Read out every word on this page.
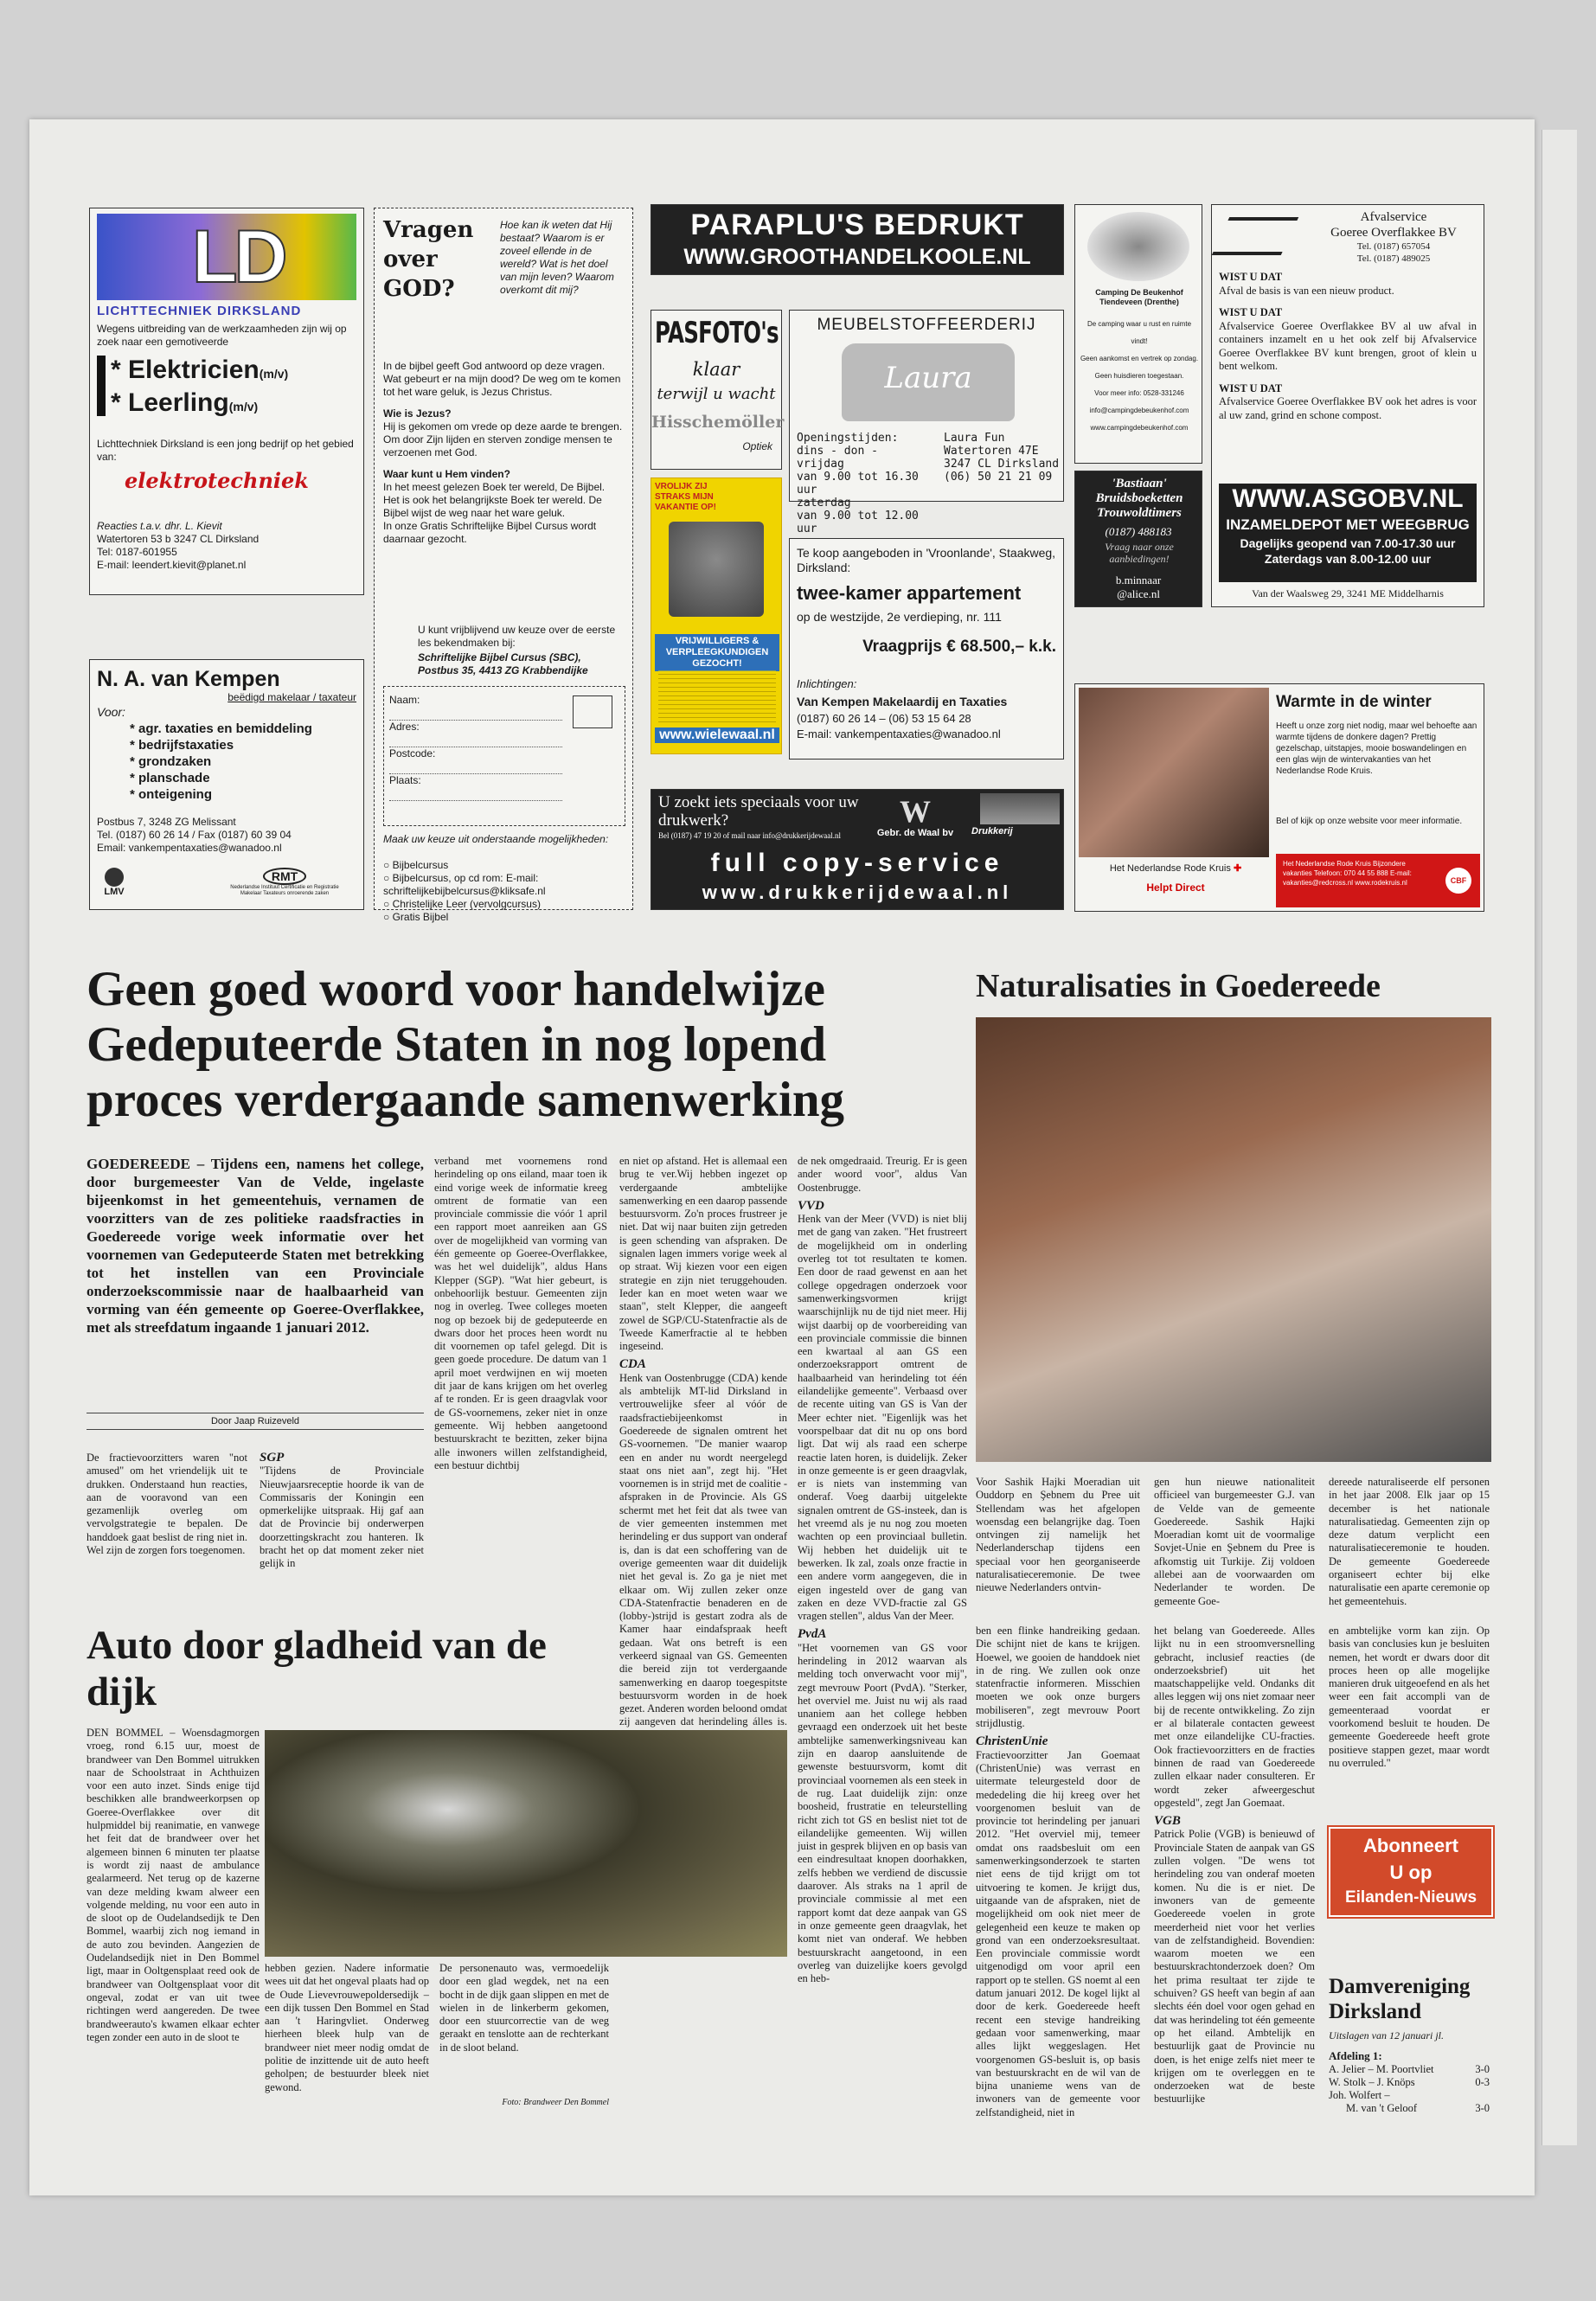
LD
LICHTTECHNIEK DIRKSLAND
Wegens uitbreiding van de werkzaamheden zijn wij op zoek naar een gemotiveerde
* Elektricien(m/v)
* Leerling(m/v)
Lichttechniek Dirksland is een jong bedrijf op het gebied van:
elektrotechniek
Reacties t.a.v. dhr. L. Kievit
Watertoren 53 b 3247 CL Dirksland
Tel: 0187-601955
E-mail: leendert.kievit@planet.nl
N. A. van Kempen
beëdigd makelaar / taxateur
Voor:
* agr. taxaties en bemiddeling
* bedrijfstaxaties
* grondzaken
* planschade
* onteigening
Postbus 7, 3248 ZG Melissant
Tel. (0187) 60 26 14 / Fax (0187) 60 39 04
Email: vankempentaxaties@wanadoo.nl
LMV
RMT
Nederlandse Instituut Certificatie en Registratie Makelaar Taxateurs onroerende zaken
Vragen over GOD?
Hoe kan ik weten dat Hij bestaat? Waarom is er zoveel ellende in de wereld? Wat is het doel van mijn leven? Waarom overkomt dit mij?

In de bijbel geeft God antwoord op deze vragen. Wat gebeurt er na mijn dood? De weg om te komen tot het ware geluk, is Jezus Christus.

Wie is Jezus?

Hij is gekomen om vrede op deze aarde te brengen. Om door Zijn lijden en sterven zondige mensen te verzoenen met God.

Waar kunt u Hem vinden?

In het meest gelezen Boek ter wereld, De Bijbel. Het is ook het belangrijkste Boek ter wereld. De Bijbel wijst de weg naar het ware geluk.

In onze Gratis Schriftelijke Bijbel Cursus wordt daarnaar gezocht.

U kunt vrijblijvend uw keuze over de eerste les bekendmaken bij:
Schriftelijke Bijbel Cursus (SBC), Postbus 35, 4413 ZG Krabbendijke
Naam:
Adres:
Postcode:
Plaats:
Maak uw keuze uit onderstaande mogelijkheden:
○ Bijbelcursus
○ Bijbelcursus, op cd rom: E-mail: schriftelijkebijbelcursus@kliksafe.nl
○ Christelijke Leer (vervolgcursus)
○ Gratis Bijbel
PARAPLU'S BEDRUKT
WWW.GROOTHANDELKOOLE.NL
PASFOTO's
klaar
terwijl u wacht
Hisschemöller
Optiek
VROLIJK ZIJ STRAKS MIJN VAKANTIE OP!
VRIJWILLIGERS & VERPLEEGKUNDIGEN GEZOCHT!
www.wielewaal.nl
MEUBELSTOFFEERDERIJ
Laura
Openingstijden:
dins - don - vrijdag
van 9.00 tot 16.30 uur
zaterdag
van 9.00 tot 12.00 uur
Laura Fun
Watertoren 47E
3247 CL Dirksland
(06) 50 21 21 09
Camping De Beukenhof Tiendeveen (Drenthe)
De camping waar u rust en ruimte vindt!
Geen aankomst en vertrek op zondag.
Geen huisdieren toegestaan.
Voor meer info: 0528-331246
info@campingdebeukenhof.com
www.campingdebeukenhof.com
'Bastiaan' Bruidsboeketten Trouwoldtimers
(0187) 488183
Vraag naar onze aanbiedingen!
b.minnaar
@alice.nl
Afvalservice
Goeree Overflakkee BV
Tel. (0187) 657054
Tel. (0187) 489025
WIST U DAT
Afval de basis is van een nieuw product.
WIST U DAT
Afvalservice Goeree Overflakkee BV al uw afval in containers inzamelt en u het ook zelf bij Afvalservice Goeree Overflakkee BV kunt brengen, groot of klein u bent welkom.
WIST U DAT
Afvalservice Goeree Overflakkee BV ook het adres is voor al uw zand, grind en schone compost.
WWW.ASGOBV.NL
INZAMELDEPOT MET WEEGBRUG
Dagelijks geopend van 7.00-17.30 uur
Zaterdags van 8.00-12.00 uur
Van der Waalsweg 29, 3241 ME Middelharnis
Te koop aangeboden in 'Vroonlande', Staakweg, Dirksland:
twee-kamer appartement
op de westzijde, 2e verdieping, nr. 111
Vraagprijs € 68.500,– k.k.
Inlichtingen:
Van Kempen Makelaardij en Taxaties
(0187) 60 26 14 – (06) 53 15 64 28
E-mail: vankempentaxaties@wanadoo.nl
U zoekt iets speciaals voor uw drukwerk?
Bel (0187) 47 19 20 of mail naar info@drukkerijdewaal.nl
W
Gebr. de Waal bv	Drukkerij
full copy-service
www.drukkerijdewaal.nl
Warmte in de winter
Heeft u onze zorg niet nodig, maar wel behoefte aan warmte tijdens de donkere dagen? Prettig gezelschap, uitstapjes, mooie boswandelingen en een glas wijn de wintervakanties van het Nederlandse Rode Kruis.
Bel of kijk op onze website voor meer informatie.
Het Nederlandse Rode Kruis ✚
Helpt Direct
Het Nederlandse Rode Kruis Bijzondere vakanties Telefoon: 070 44 55 888 E-mail: vakanties@redcross.nl www.rodekruis.nl	CBF
Geen goed woord voor handelwijze Gedeputeerde Staten in nog lopend proces verdergaande samenwerking
GOEDEREEDE – Tijdens een, namens het college, door burgemeester Van de Velde, ingelaste bijeenkomst in het gemeentehuis, vernamen de voorzitters van de zes politieke raadsfracties in Goedereede vorige week informatie over het voornemen van Gedeputeerde Staten met betrekking tot het instellen van een Provinciale onderzoekscommissie naar de haalbaarheid van vorming van één gemeente op Goeree-Overflakkee, met als streefdatum ingaande 1 januari 2012.
Door Jaap Ruizeveld

De fractievoorzitters waren "not amused" om het vriendelijk uit te drukken. Onderstaand hun reacties, aan de vooravond van een gezamenlijk overleg om vervolgstrategie te bepalen. De handdoek gaat beslist de ring niet in. Wel zijn de zorgen fors toegenomen.

SGP

"Tijdens de Provinciale Nieuwjaarsreceptie hoorde ik van de Commissaris der Koningin een opmerkelijke uitspraak. Hij gaf aan dat de Provincie bij onderwerpen doorzettingskracht zou hanteren. Ik bracht het op dat moment zeker niet gelijk in

verband met voornemens rond herindeling op ons eiland, maar toen ik eind vorige week de informatie kreeg omtrent de formatie van een provinciale commissie die vóór 1 april een rapport moet aanreiken aan GS over de mogelijkheid van vorming van één gemeente op Goeree-Overflakkee, was het wel duidelijk", aldus Hans Klepper (SGP). "Wat hier gebeurt, is onbehoorlijk bestuur. Gemeenten zijn nog in overleg. Twee colleges moeten nog op bezoek bij de gedeputeerde en dwars door het proces heen wordt nu dit voornemen op tafel gelegd. Dit is geen goede procedure. De datum van 1 april moet verdwijnen en wij moeten dit jaar de kans krijgen om het overleg af te ronden. Er is geen draagvlak voor de GS-voornemens, zeker niet in onze gemeente. Wij hebben aangetoond bestuurskracht te bezitten, zeker bijna alle inwoners willen zelfstandigheid, een bestuur dichtbij

en niet op afstand. Het is allemaal een brug te ver.Wij hebben ingezet op verdergaande ambtelijke samenwerking en een daarop passende bestuursvorm. Zo'n proces frustreer je niet. Dat wij naar buiten zijn getreden is geen schending van afspraken. De signalen lagen immers vorige week al op straat. Wij kiezen voor een eigen strategie en zijn niet teruggehouden. Ieder kan en moet weten waar we staan", stelt Klepper, die aangeeft zowel de SGP/CU-Statenfractie als de Tweede Kamerfractie al te hebben ingeseind.

CDA

Henk van Oostenbrugge (CDA) kende als ambtelijk MT-lid Dirksland in vertrouwelijke sfeer al vóór de raadsfractiebijeenkomst in Goedereede de signalen omtrent het GS-voornemen. "De manier waarop een en ander nu wordt neergelegd staat ons niet aan", zegt hij. "Het voornemen is in strijd met de coalitie -afspraken in de Provincie. Als GS schermt met het feit dat als twee van de vier gemeenten instemmen met herindeling er dus support van onderaf is, dan is dat een schoffering van de overige gemeenten waar dit duidelijk niet het geval is. Zo ga je niet met elkaar om. Wij zullen zeker onze CDA-Statenfractie benaderen en de (lobby-)strijd is gestart zodra als de Kamer haar eindafspraak heeft gedaan. Wat ons betreft is een verkeerd signaal van GS. Gemeenten die bereid zijn tot verdergaande samenwerking en daarop toegespitste bestuursvorm worden in de hoek gezet. Anderen worden beloond omdat zij aangeven dat herindeling álles is.

de nek omgedraaid. Treurig. Er is geen ander woord voor", aldus Van Oostenbrugge.

VVD

Henk van der Meer (VVD) is niet blij met de gang van zaken. "Het frustreert de mogelijkheid om in onderling overleg tot tot resultaten te komen. Een door de raad gewenst en aan het college opgedragen onderzoek voor samenwerkingsvormen krijgt waarschijnlijk nu de tijd niet meer. Hij wijst daarbij op de voorbereiding van een provinciale commissie die binnen een kwartaal al aan GS een onderzoeksrapport omtrent de haalbaarheid van herindeling tot één eilandelijke gemeente". Verbaasd over de recente uiting van GS is Van der Meer echter niet. "Eigenlijk was het voorspelbaar dat dit nu op ons bord ligt. Dat wij als raad een scherpe reactie laten horen, is duidelijk. Zeker in onze gemeente is er geen draagvlak, er is niets van instemming van onderaf. Voeg daarbij uitgelekte signalen omtrent de GS-insteek, dan is het vreemd als je nu nog zou moeten wachten op een provinciaal bulletin. Wij hebben het duidelijk uit te bewerken. Ik zal, zoals onze fractie in een andere vorm aangegeven, die in eigen ingesteld over de gang van zaken en deze VVD-fractie zal GS vragen stellen", aldus Van der Meer.

PvdA

"Het voornemen van GS voor herindeling in 2012 waarvan als melding toch onverwacht voor mij", zegt mevrouw Poort (PvdA). "Sterker, het overviel me. Juist nu wij als raad unaniem aan het college hebben gevraagd een onderzoek uit het beste ambtelijke samenwerkingsniveau kan zijn en daarop aansluitende de gewenste bestuursvorm, komt dit provinciaal voornemen als een steek in de rug. Laat duidelijk zijn: onze boosheid, frustratie en teleurstelling richt zich tot GS en beslist niet tot de eilandelijke gemeenten. Wij willen juist in gesprek blijven en op basis van een eindresultaat knopen doorhakken, zelfs hebben we verdiend de discussie daarover. Als straks na 1 april de provinciale commissie al met een rapport komt dat deze aanpak van GS in onze gemeente geen draagvlak, het komt niet van onderaf. We hebben bestuurskracht aangetoond, in een overleg van duizelijke koers gevolgd en heb-

Naturalisaties in Goedereede

Voor Sashik Hajki Moeradian uit Ouddorp en Şebnem du Pree uit Stellendam was het afgelopen woensdag een belangrijke dag. Toen ontvingen zij namelijk het Nederlanderschap tijdens een speciaal voor hen georganiseerde naturalisatieceremonie. De twee nieuwe Nederlanders ontvin-

ben een flinke handreiking gedaan. Die schijnt niet de kans te krijgen. Hoewel, we gooien de handdoek niet in de ring. We zullen ook onze statenfractie informeren. Misschien moeten we ook onze burgers mobiliseren", zegt mevrouw Poort strijdlustig.

ChristenUnie

Fractievoorzitter Jan Goemaat (ChristenUnie) was verrast en uitermate teleurgesteld door de mededeling die hij kreeg over het voorgenomen besluit van de provincie tot herindeling per januari 2012. "Het overviel mij, temeer omdat ons raadsbesluit om een samenwerkingsonderzoek te starten niet eens de tijd krijgt om tot uitvoering te komen. Je krijgt dus, uitgaande van de afspraken, niet de mogelijkheid om ook niet meer de gelegenheid een keuze te maken op grond van een onderzoeksresultaat. Een provinciale commissie wordt uitgenodigd om voor april een rapport op te stellen. GS noemt al een datum januari 2012. De kogel lijkt al door de kerk. Goedereede heeft recent een stevige handreiking gedaan voor samenwerking, maar alles lijkt weggeslagen. Het voorgenomen GS-besluit is, op basis van bestuurskracht en de wil van de bijna unanieme wens van de inwoners van de gemeente voor zelfstandigheid, niet in

gen hun nieuwe nationaliteit officieel van burgemeester G.J. van de Velde van de gemeente Goedereede. Sashik Hajki Moeradian komt uit de voormalige Sovjet-Unie en Şebnem du Pree is afkomstig uit Turkije. Zij voldoen allebei aan de voorwaarden om Nederlander te worden. De gemeente Goe-

het belang van Goedereede. Alles lijkt nu in een stroomversnelling gebracht, inclusief reacties (de onderzoeksbrief) uit het maatschappelijke veld. Ondanks dit alles leggen wij ons niet zomaar neer bij de recente ontwikkeling. Zo zijn er al bilaterale contacten geweest met onze eilandelijke CU-fracties. Ook fractievoorzitters en de fracties binnen de raad van Goedereede zullen elkaar nader consulteren. Er wordt zeker afweergeschut opgesteld", zegt Jan Goemaat.

VGB

Patrick Polie (VGB) is benieuwd of Provinciale Staten de aanpak van GS zullen volgen. "De wens tot herindeling zou van onderaf moeten komen. Nu die is er niet. De inwoners van de gemeente Goedereede voelen in grote meerderheid niet voor het verlies van de zelfstandigheid. Bovendien: waarom moeten we een bestuurskrachtonderzoek doen? Om het prima resultaat ter zijde te schuiven? GS heeft van begin af aan slechts één doel voor ogen gehad en dat was herindeling tot één gemeente op het eiland. Ambtelijk en bestuurlijk gaat de Provincie nu doen, is het enige zelfs niet meer te krijgen om te overleggen en te onderzoeken wat de beste bestuurlijke

dereede naturaliseerde elf personen in het jaar 2008. Elk jaar op 15 december is het nationale naturalisatiedag. Gemeenten zijn op deze datum verplicht een naturalisatieceremonie te houden. De gemeente Goedereede organiseert echter bij elke naturalisatie een aparte ceremonie op het gemeentehuis.

en ambtelijke vorm kan zijn. Op basis van conclusies kun je besluiten nemen, het wordt er dwars door dit proces heen op alle mogelijke manieren druk uitgeoefend en als het weer een fait accompli van de gemeenteraad voordat er voorkomend besluit te houden. De gemeente Goedereede heeft grote positieve stappen gezet, maar wordt nu overruled."

Abonneert
U op
Eilanden-Nieuws
Damvereniging Dirksland
Uitslagen van 12 januari jl.
Afdeling 1:
A. Jelier – M. Poortvliet	3-0
W. Stolk – J. Knöps	0-3
Joh. Wolfert –
M. van 't Geloof	3-0
Auto door gladheid van de dijk

DEN BOMMEL – Woensdagmorgen vroeg, rond 6.15 uur, moest de brandweer van Den Bommel uitrukken naar de Schoolstraat in Achthuizen voor een auto inzet. Sinds enige tijd beschikken alle brandweerkorpsen op Goeree-Overflakkee over dit hulpmiddel bij reanimatie, en vanwege het feit dat de brandweer over het algemeen binnen 6 minuten ter plaatse is wordt zij naast de ambulance gealarmeerd. Net terug op de kazerne van deze melding kwam alweer een volgende melding, nu voor een auto in de sloot op de Oudelandsedijk te Den Bommel, waarbij zich nog iemand in de auto zou bevinden. Aangezien de Oudelandsedijk niet in Den Bommel ligt, maar in Ooltgensplaat reed ook de brandweer van Ooltgensplaat voor dit ongeval, zodat er van uit twee richtingen werd aangereden. De twee brandweerauto's kwamen elkaar echter tegen zonder een auto in de sloot te

hebben gezien. Nadere informatie wees uit dat het ongeval plaats had op de Oude Lievevrouwepoldersedijk – een dijk tussen Den Bommel en Stad aan 't Haringvliet. Onderweg hierheen bleek hulp van de brandweer niet meer nodig omdat de politie de inzittende uit de auto heeft geholpen; de bestuurder bleek niet gewond.

De personenauto was, vermoedelijk door een glad wegdek, net na een bocht in de dijk gaan slippen en met de wielen in de linkerberm gekomen, door een stuurcorrectie van de weg geraakt en tenslotte aan de rechterkant in de sloot beland.

Foto: Brandweer Den Bommel
